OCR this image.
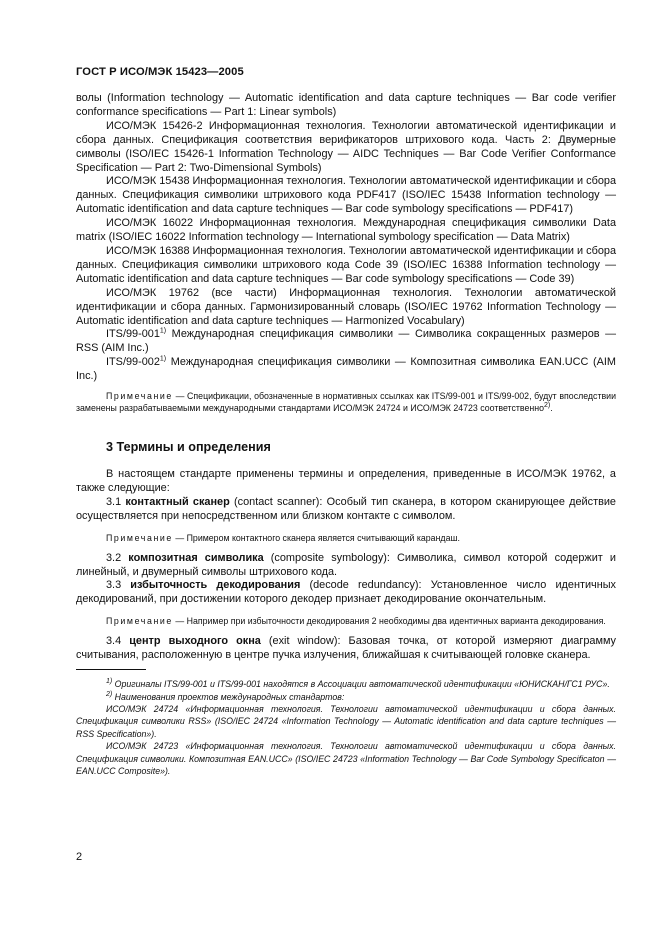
ГОСТ Р ИСО/МЭК 15423—2005

волы (Information technology — Automatic identification and data capture techniques — Bar code verifier conformance specifications — Part 1: Linear symbols)

ИСО/МЭК 15426-2 Информационная технология. Технологии автоматической идентификации и сбора данных. Спецификация соответствия верификаторов штрихового кода. Часть 2: Двумерные символы (ISO/IEC 15426-1 Information Technology — AIDC Techniques — Bar Code Verifier Conformance Specification — Part 2: Two-Dimensional Symbols)

ИСО/МЭК 15438 Информационная технология. Технологии автоматической идентификации и сбора данных. Спецификация символики штрихового кода PDF417 (ISO/IEC 15438 Information technology — Automatic identification and data capture techniques — Bar code symbology specifications — PDF417)

ИСО/МЭК 16022 Информационная технология. Международная спецификация символики Data matrix (ISO/IEC 16022 Information technology — International symbology specification — Data Matrix)

ИСО/МЭК 16388 Информационная технология. Технологии автоматической идентификации и сбора данных. Спецификация символики штрихового кода Code 39 (ISO/IEC 16388 Information technology — Automatic identification and data capture techniques — Bar code symbology specifications — Code 39)

ИСО/МЭК 19762 (все части) Информационная технология. Технологии автоматической идентификации и сбора данных. Гармонизированный словарь (ISO/IEC 19762 Information Technology — Automatic identification and data capture techniques — Harmonized Vocabulary)

ITS/99-001$^{1)}$ Международная спецификация символики — Символика сокращенных размеров — RSS (AIM Inc.)

ITS/99-002$^{1)}$ Международная спецификация символики — Композитная символика EAN.UCC (AIM Inc.)

Примечание — Спецификации, обозначенные в нормативных ссылках как ITS/99-001 и ITS/99-002, будут впоследствии заменены разрабатываемыми международными стандартами ИСО/МЭК 24724 и ИСО/МЭК 24723 соответственно$^{2)}$.

3 Термины и определения

В настоящем стандарте применены термины и определения, приведенные в ИСО/МЭК 19762, а также следующие:

3.1 контактный сканер (contact scanner): Особый тип сканера, в котором сканирующее действие осуществляется при непосредственном или близком контакте с символом.

Примечание — Примером контактного сканера является считывающий карандаш.

3.2 композитная символика (composite symbology): Символика, символ которой содержит и линейный, и двумерный символы штрихового кода.

3.3 избыточность декодирования (decode redundancy): Установленное число идентичных декодирований, при достижении которого декодер признает декодирование окончательным.

Примечание — Например при избыточности декодирования 2 необходимы два идентичных варианта декодирования.

3.4 центр выходного окна (exit window): Базовая точка, от которой измеряют диаграмму считывания, расположенную в центре пучка излучения, ближайшая к считывающей головке сканера.

$^{1)}$ Оригиналы ITS/99-001 и ITS/99-001 находятся в Ассоциации автоматической идентификации «ЮНИСКАН/ГС1 РУС».

$^{2)}$ Наименования проектов международных стандартов:

ИСО/МЭК 24724 «Информационная технология. Технологии автоматической идентификации и сбора данных. Спецификация символики RSS» (ISO/IEC 24724 «Information Technology — Automatic identification and data capture techniques — RSS Specification»).

ИСО/МЭК 24723 «Информационная технология. Технологии автоматической идентификации и сбора данных. Спецификация символики. Композитная EAN.UCC» (ISO/IEC 24723 «Information Technology — Bar Code Symbology Specificaton — EAN.UCC Composite»).

2
